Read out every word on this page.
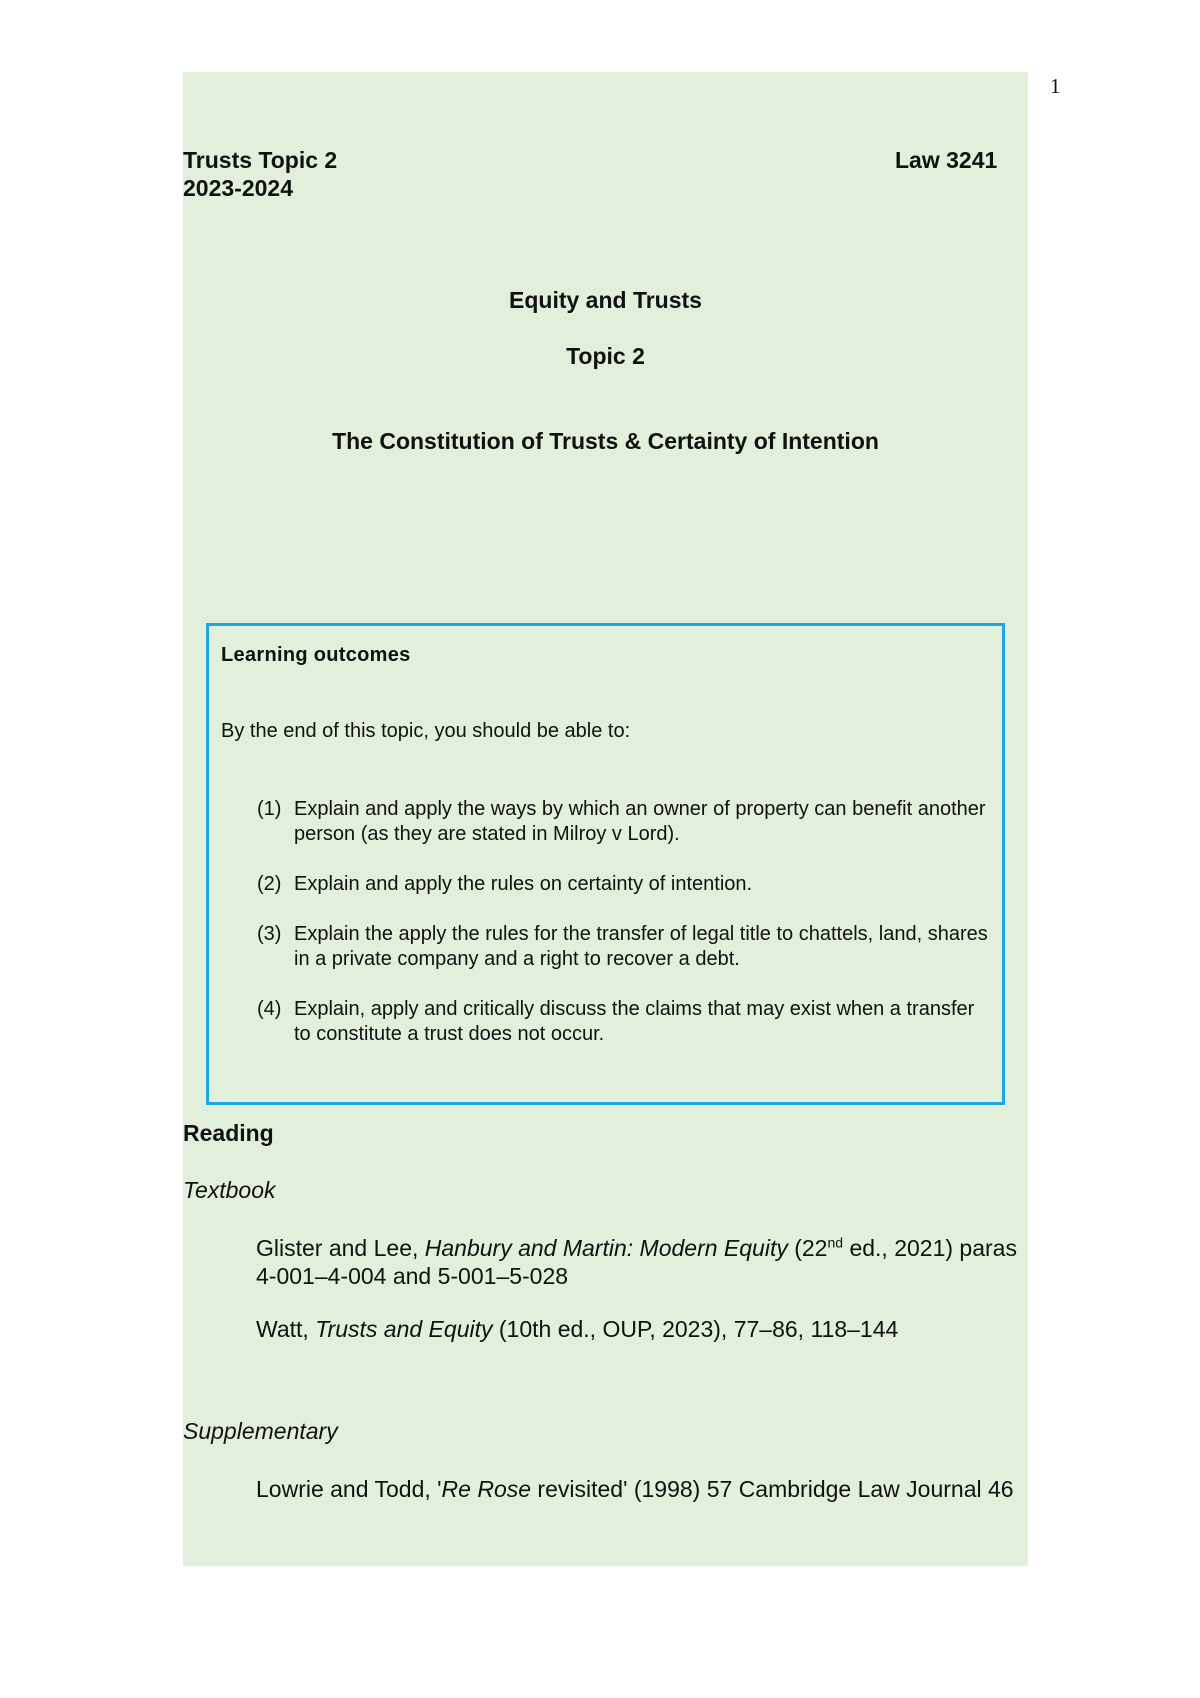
1
Trusts Topic 2
2023-2024
Law 3241
Equity and Trusts
Topic 2
The Constitution of Trusts & Certainty of Intention
Learning outcomes
By the end of this topic, you should be able to:
(1) Explain and apply the ways by which an owner of property can benefit another person (as they are stated in Milroy v Lord).
(2) Explain and apply the rules on certainty of intention.
(3) Explain the apply the rules for the transfer of legal title to chattels, land, shares in a private company and a right to recover a debt.
(4) Explain, apply and critically discuss the claims that may exist when a transfer to constitute a trust does not occur.
Reading
Textbook
Glister and Lee, Hanbury and Martin: Modern Equity (22nd ed., 2021) paras 4-001–4-004 and 5-001–5-028
Watt, Trusts and Equity (10th ed., OUP, 2023), 77–86, 118–144
Supplementary
Lowrie and Todd, 'Re Rose revisited' (1998) 57 Cambridge Law Journal 46
